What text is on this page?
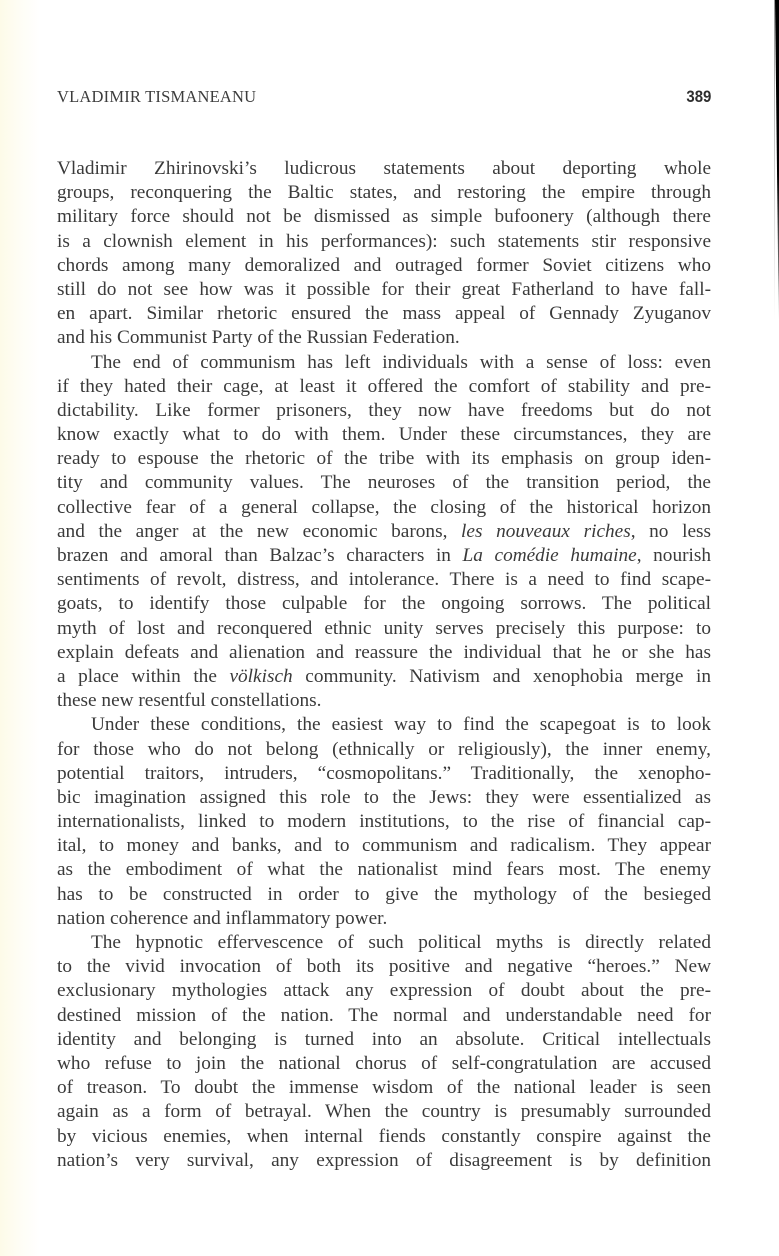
VLADIMIR TISMANEANU	389
Vladimir Zhirinovski’s ludicrous statements about deporting whole
groups, reconquering the Baltic states, and restoring the empire through
military force should not be dismissed as simple bufoonery (although there
is a clownish element in his performances): such statements stir responsive
chords among many demoralized and outraged former Soviet citizens who
still do not see how was it possible for their great Fatherland to have fall-
en apart. Similar rhetoric ensured the mass appeal of Gennady Zyuganov
and his Communist Party of the Russian Federation.
The end of communism has left individuals with a sense of loss: even
if they hated their cage, at least it offered the comfort of stability and pre-
dictability. Like former prisoners, they now have freedoms but do not
know exactly what to do with them. Under these circumstances, they are
ready to espouse the rhetoric of the tribe with its emphasis on group iden-
tity and community values. The neuroses of the transition period, the
collective fear of a general collapse, the closing of the historical horizon
and the anger at the new economic barons, les nouveaux riches, no less
brazen and amoral than Balzac’s characters in La comédie humaine, nourish
sentiments of revolt, distress, and intolerance. There is a need to find scape-
goats, to identify those culpable for the ongoing sorrows. The political
myth of lost and reconquered ethnic unity serves precisely this purpose: to
explain defeats and alienation and reassure the individual that he or she has
a place within the völkisch community. Nativism and xenophobia merge in
these new resentful constellations.
Under these conditions, the easiest way to find the scapegoat is to look
for those who do not belong (ethnically or religiously), the inner enemy,
potential traitors, intruders, “cosmopolitans.” Traditionally, the xenopho-
bic imagination assigned this role to the Jews: they were essentialized as
internationalists, linked to modern institutions, to the rise of financial cap-
ital, to money and banks, and to communism and radicalism. They appear
as the embodiment of what the nationalist mind fears most. The enemy
has to be constructed in order to give the mythology of the besieged
nation coherence and inflammatory power.
The hypnotic effervescence of such political myths is directly related
to the vivid invocation of both its positive and negative “heroes.” New
exclusionary mythologies attack any expression of doubt about the pre-
destined mission of the nation. The normal and understandable need for
identity and belonging is turned into an absolute. Critical intellectuals
who refuse to join the national chorus of self-congratulation are accused
of treason. To doubt the immense wisdom of the national leader is seen
again as a form of betrayal. When the country is presumably surrounded
by vicious enemies, when internal fiends constantly conspire against the
nation’s very survival, any expression of disagreement is by definition
